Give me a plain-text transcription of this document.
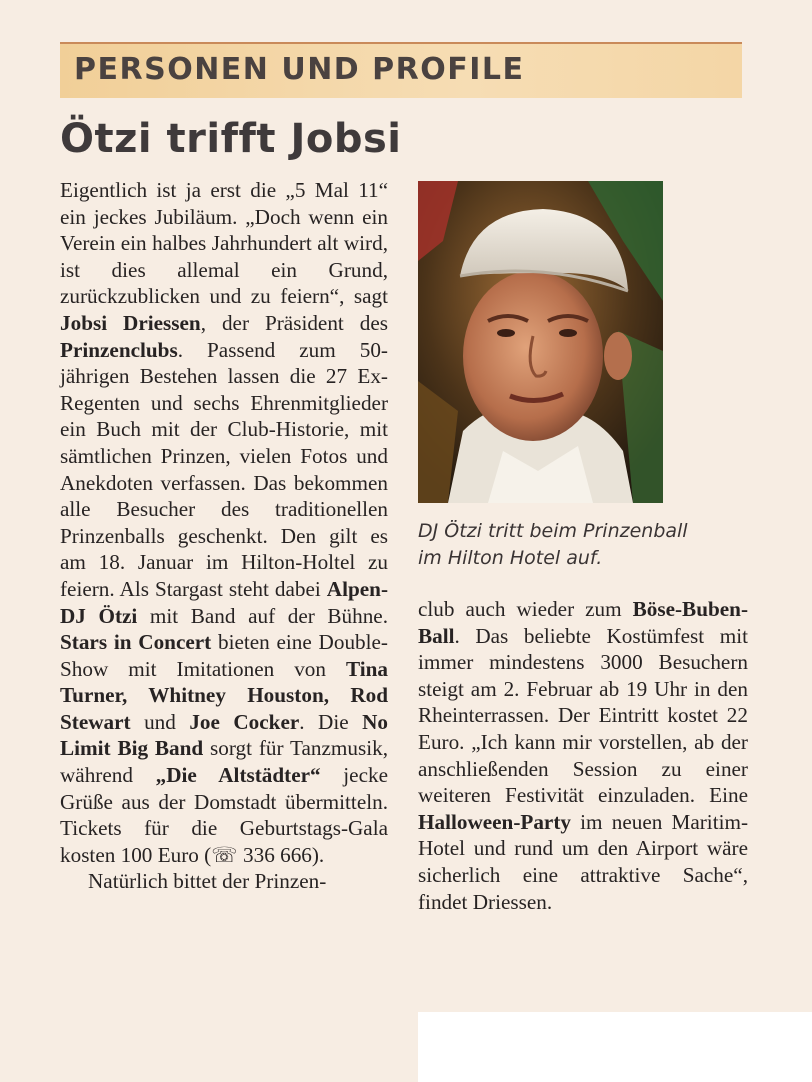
PERSONEN UND PROFILE
Ötzi trifft Jobsi

Eigentlich ist ja erst die „5 Mal 11“ ein jeckes Jubiläum. „Doch wenn ein Verein ein halbes Jahrhundert alt wird, ist dies allemal ein Grund, zurückzublicken und zu feiern“, sagt Jobsi Driessen, der Präsident des Prinzenclubs. Passend zum 50-jährigen Bestehen lassen die 27 Ex-Regenten und sechs Ehrenmitglieder ein Buch mit der Club-Historie, mit sämtlichen Prinzen, vielen Fotos und Anekdoten verfassen. Das bekommen alle Besucher des traditionellen Prinzenballs geschenkt. Den gilt es am 18. Januar im Hilton-Holtel zu feiern. Als Stargast steht dabei Alpen-DJ Ötzi mit Band auf der Bühne. Stars in Concert bieten eine Double-Show mit Imitationen von Tina Turner, Whitney Houston, Rod Stewart und Joe Cocker. Die No Limit Big Band sorgt für Tanzmusik, während „Die Altstädter“ jecke Grüße aus der Domstadt übermitteln. Tickets für die Geburtstags-Gala kosten 100 Euro (☏ 336 666).

Natürlich bittet der Prinzen-

DJ Ötzi tritt beim Prinzenball
im Hilton Hotel auf.

club auch wieder zum Böse-Buben-Ball. Das beliebte Kostümfest mit immer mindestens 3000 Besuchern steigt am 2. Februar ab 19 Uhr in den Rheinterrassen. Der Eintritt kostet 22 Euro. „Ich kann mir vorstellen, ab der anschließenden Session zu einer weiteren Festivität einzuladen. Eine Halloween-Party im neuen Maritim-Hotel und rund um den Airport wäre sicherlich eine attraktive Sache“, findet Driessen.
